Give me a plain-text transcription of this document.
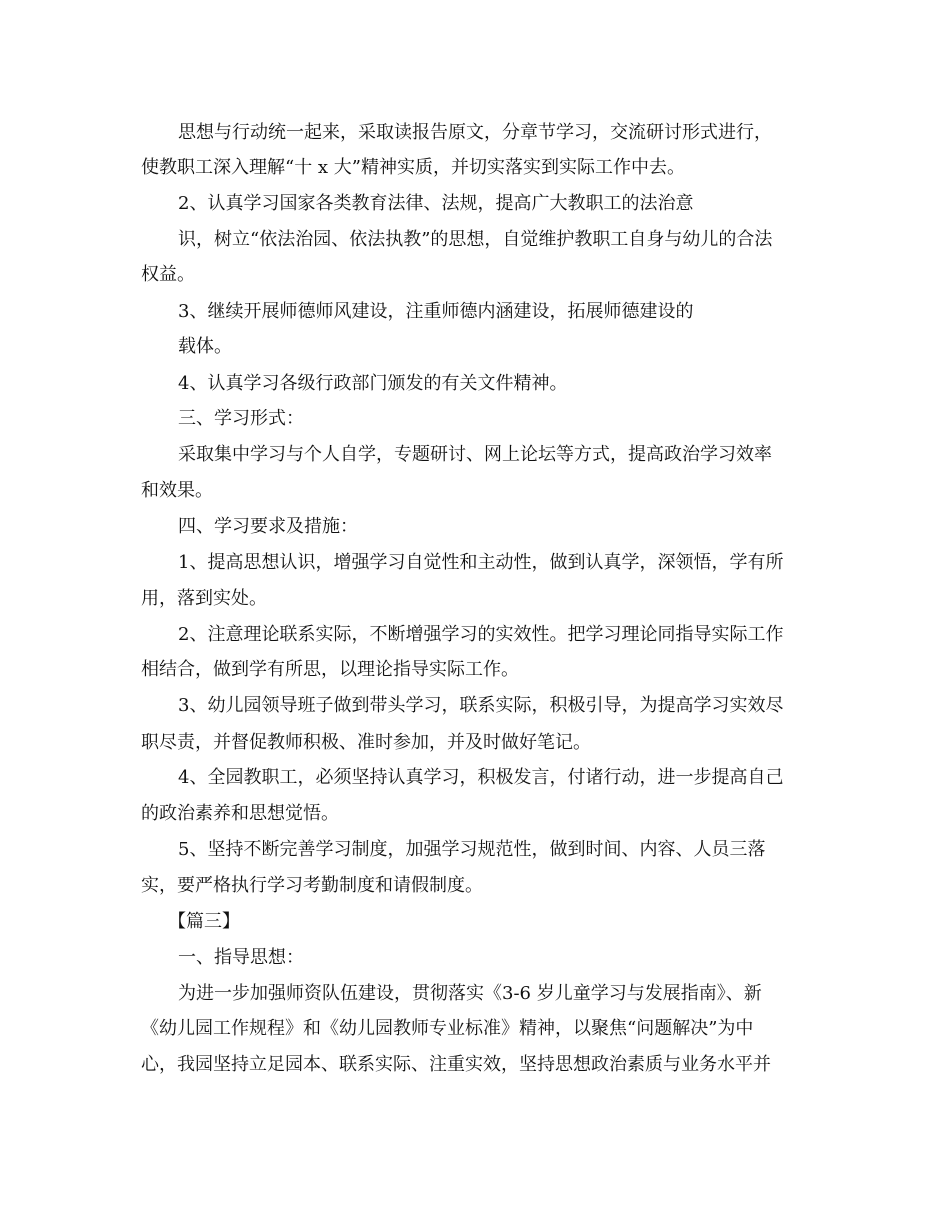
思想与行动统一起来，采取读报告原文，分章节学习，交流研讨形式进行，
使教职工深入理解“十 x 大”精神实质，并切实落实到实际工作中去。
2、认真学习国家各类教育法律、法规，提高广大教职工的法治意
识，树立“依法治园、依法执教”的思想，自觉维护教职工自身与幼儿的合法
权益。
3、继续开展师德师风建设，注重师德内涵建设，拓展师德建设的
载体。
4、认真学习各级行政部门颁发的有关文件精神。
三、学习形式：
采取集中学习与个人自学，专题研讨、网上论坛等方式，提高政治学习效率
和效果。
四、学习要求及措施：
1、提高思想认识，增强学习自觉性和主动性，做到认真学，深领悟，学有所
用，落到实处。
2、注意理论联系实际，不断增强学习的实效性。把学习理论同指导实际工作
相结合，做到学有所思，以理论指导实际工作。
3、幼儿园领导班子做到带头学习，联系实际，积极引导，为提高学习实效尽
职尽责，并督促教师积极、准时参加，并及时做好笔记。
4、全园教职工，必须坚持认真学习，积极发言，付诸行动，进一步提高自己
的政治素养和思想觉悟。
5、坚持不断完善学习制度，加强学习规范性，做到时间、内容、人员三落
实，要严格执行学习考勤制度和请假制度。
【篇三】
一、指导思想：
为进一步加强师资队伍建设，贯彻落实《3-6 岁儿童学习与发展指南》、新
《幼儿园工作规程》和《幼儿园教师专业标准》精神，以聚焦“问题解决”为中
心，我园坚持立足园本、联系实际、注重实效，坚持思想政治素质与业务水平并
